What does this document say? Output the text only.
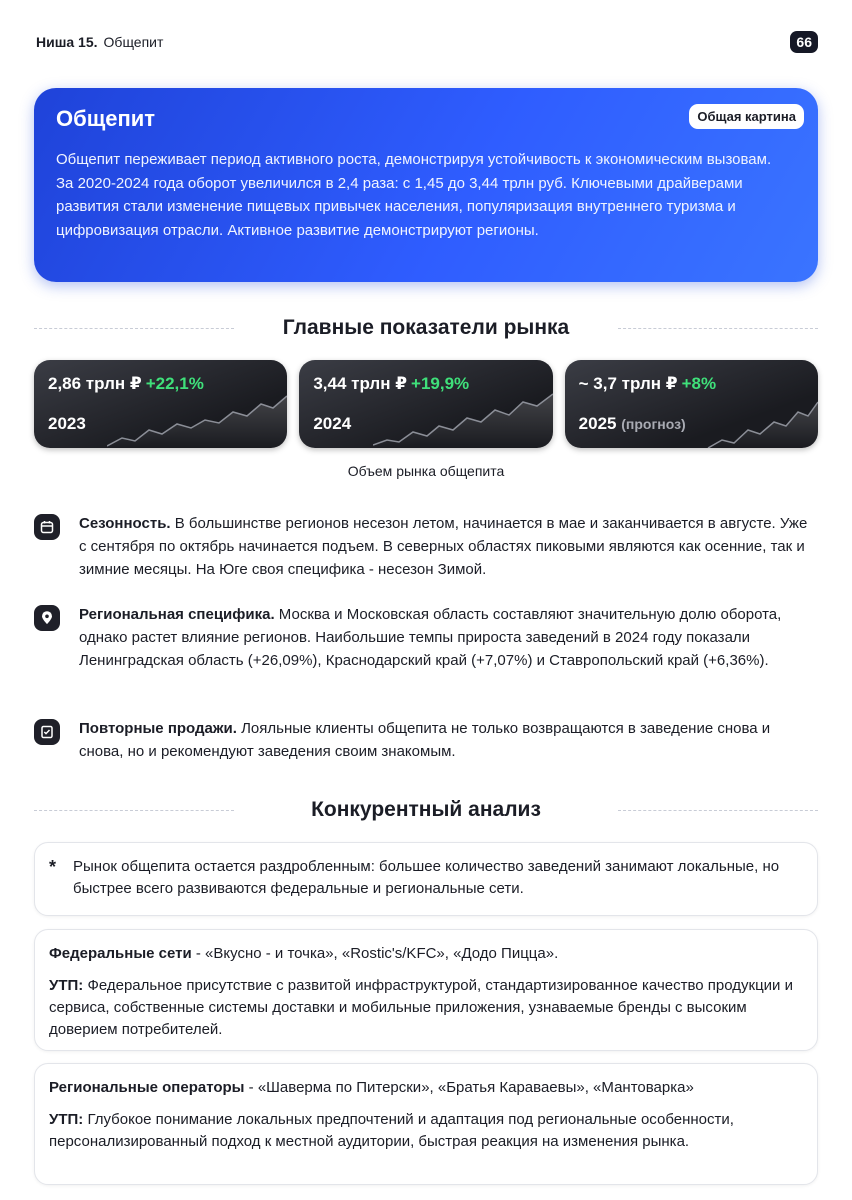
Ниша 15. Общепит	66
Общепит	Общая картина

Общепит переживает период активного роста, демонстрируя устойчивость к экономическим вызовам. За 2020-2024 года оборот увеличился в 2,4 раза: с 1,45 до 3,44 трлн руб. Ключевыми драйверами развития стали изменение пищевых привычек населения, популяризация внутреннего туризма и цифровизация отрасли. Активное развитие демонстрируют регионы.

Главные показатели рынка
2,86 трлн ₽ +22,1%
2023
3,44 трлн ₽ +19,9%
2024
~ 3,7 трлн ₽ +8%
2025 (прогноз)
Объем рынка общепита
Сезонность. В большинстве регионов несезон летом, начинается в мае и заканчивается в августе. Уже с сентября по октябрь начинается подъем. В северных областях пиковыми являются как осенние, так и зимние месяцы. На Юге своя специфика - несезон Зимой.
Региональная специфика. Москва и Московская область составляют значительную долю оборота, однако растет влияние регионов. Наибольшие темпы прироста заведений в 2024 году показали Ленинградская область (+26,09%), Краснодарский край (+7,07%) и Ставропольский край (+6,36%).
Повторные продажи. Лояльные клиенты общепита не только возвращаются в заведение снова и снова, но и рекомендуют заведения своим знакомым.
Конкурентный анализ
*	Рынок общепита остается раздробленным: большее количество заведений занимают локальные, но быстрее всего развиваются федеральные и региональные сети.
Федеральные сети - «Вкусно - и точка», «Rostic's/KFC», «Додо Пицца».
УТП: Федеральное присутствие с развитой инфраструктурой, стандартизированное качество продукции и сервиса, собственные системы доставки и мобильные приложения, узнаваемые бренды с высоким доверием потребителей.
Региональные операторы - «Шаверма по Питерски», «Братья Караваевы», «Мантоварка»
УТП: Глубокое понимание локальных предпочтений и адаптация под региональные особенности, персонализированный подход к местной аудитории, быстрая реакция на изменения рынка.
